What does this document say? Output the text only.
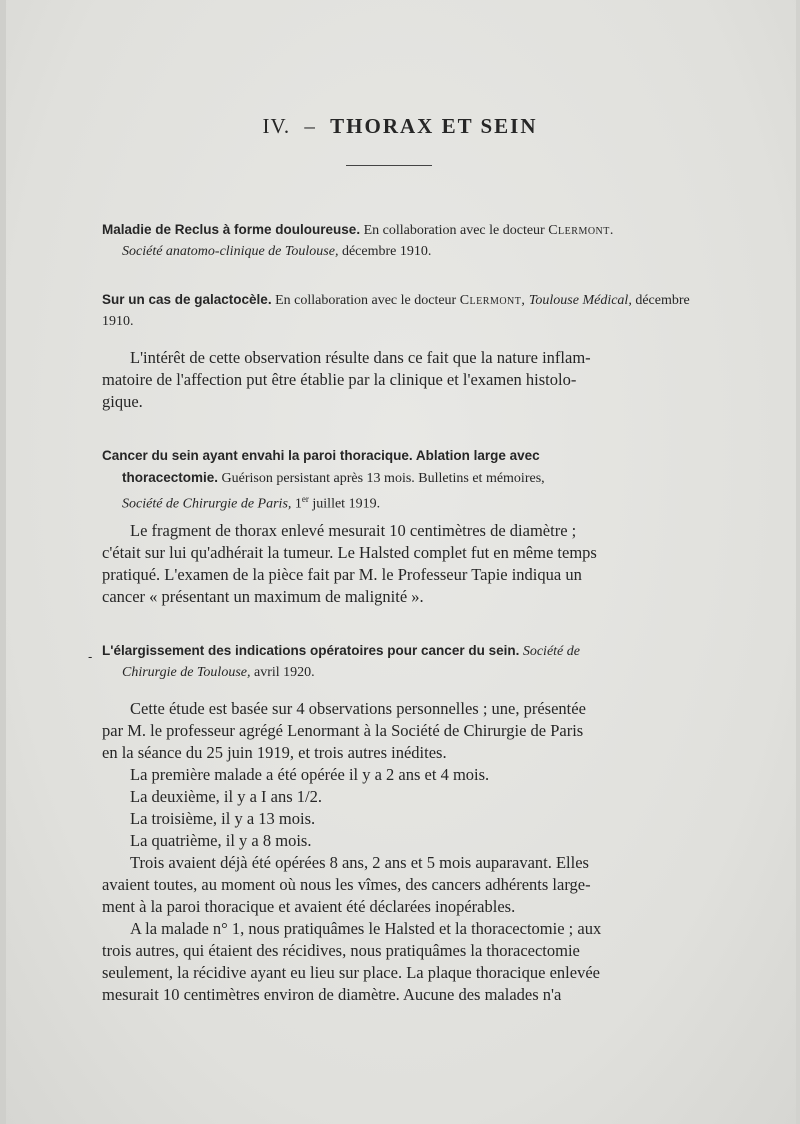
IV. – THORAX ET SEIN
Maladie de Reclus à forme douloureuse. En collaboration avec le docteur Clermont.
Société anatomo-clinique de Toulouse, décembre 1910.
Sur un cas de galactocèle. En collaboration avec le docteur Clermont, Toulouse Médical, décembre 1910.
L'intérêt de cette observation résulte dans ce fait que la nature inflam-
matoire de l'affection put être établie par la clinique et l'examen histolo-
gique.
Cancer du sein ayant envahi la paroi thoracique. Ablation large avec
thoracectomie. Guérison persistant après 13 mois. Bulletins et mémoires,
Société de Chirurgie de Paris, 1er juillet 1919.
Le fragment de thorax enlevé mesurait 10 centimètres de diamètre ;
c'était sur lui qu'adhérait la tumeur. Le Halsted complet fut en même temps
pratiqué. L'examen de la pièce fait par M. le Professeur Tapie indiqua un
cancer « présentant un maximum de malignité ».
- L'élargissement des indications opératoires pour cancer du sein. Société de
Chirurgie de Toulouse, avril 1920.
Cette étude est basée sur 4 observations personnelles ; une, présentée
par M. le professeur agrégé Lenormant à la Société de Chirurgie de Paris
en la séance du 25 juin 1919, et trois autres inédites.
La première malade a été opérée il y a 2 ans et 4 mois.
La deuxième, il y a I ans 1/2.
La troisième, il y a 13 mois.
La quatrième, il y a 8 mois.
Trois avaient déjà été opérées 8 ans, 2 ans et 5 mois auparavant. Elles
avaient toutes, au moment où nous les vîmes, des cancers adhérents large-
ment à la paroi thoracique et avaient été déclarées inopérables.
A la malade n° 1, nous pratiquâmes le Halsted et la thoracectomie ; aux
trois autres, qui étaient des récidives, nous pratiquâmes la thoracectomie
seulement, la récidive ayant eu lieu sur place. La plaque thoracique enlevée
mesurait 10 centimètres environ de diamètre. Aucune des malades n'a
